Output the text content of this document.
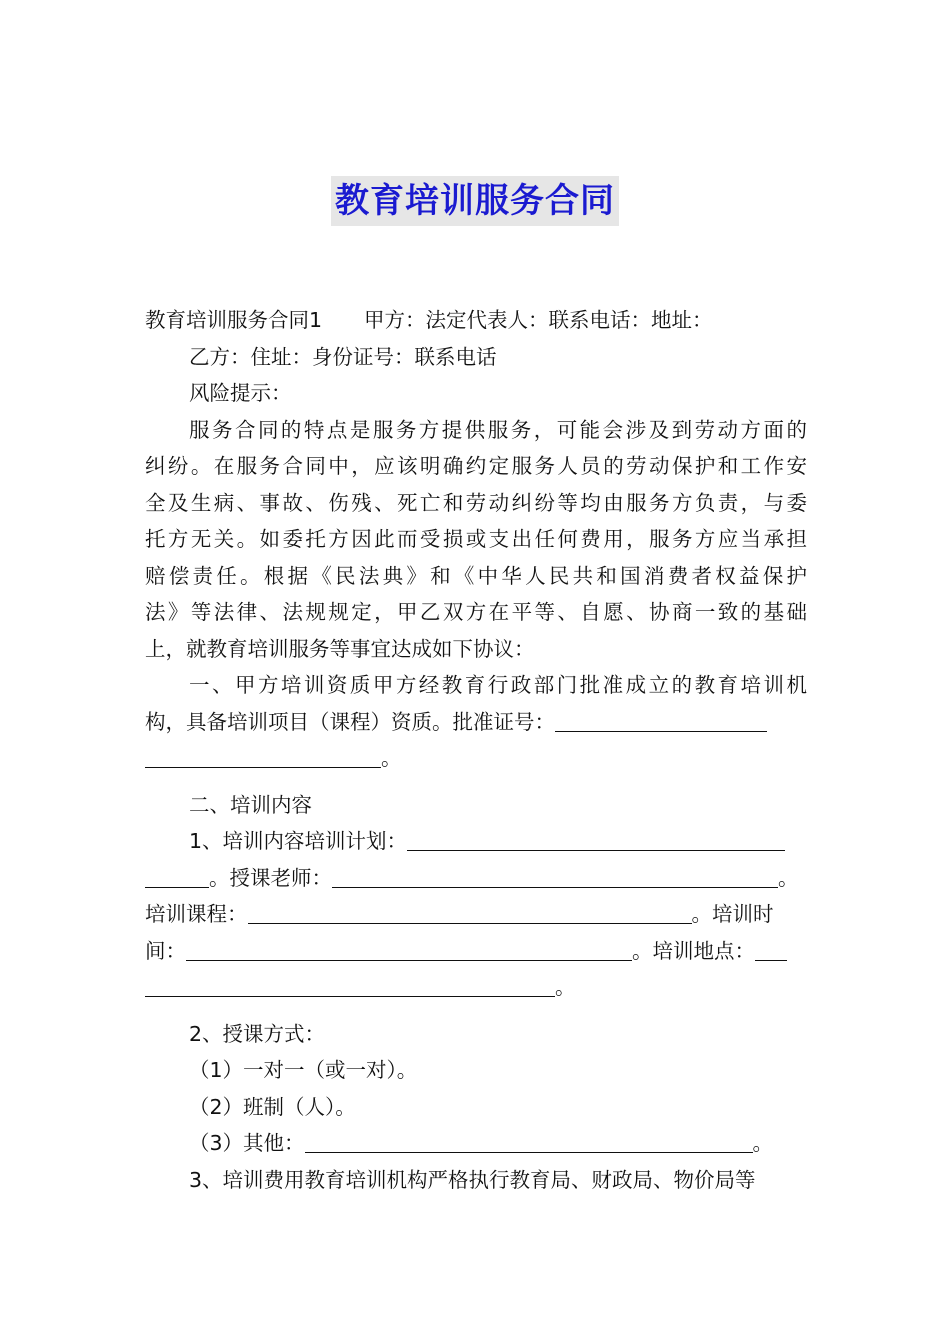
教育培训服务合同
教育培训服务合同1 甲方：法定代表人：联系电话：地址：
乙方：住址：身份证号：联系电话
风险提示：
服务合同的特点是服务方提供服务，可能会涉及到劳动方面的
纠纷。在服务合同中，应该明确约定服务人员的劳动保护和工作安
全及生病、事故、伤残、死亡和劳动纠纷等均由服务方负责，与委
托方无关。如委托方因此而受损或支出任何费用，服务方应当承担
赔偿责任。根据《民法典》和《中华人民共和国消费者权益保护
法》等法律、法规规定，甲乙双方在平等、自愿、协商一致的基础
上，就教育培训服务等事宜达成如下协议：
一、甲方培训资质甲方经教育行政部门批准成立的教育培训机
构，具备培训项目（课程）资质。批准证号：
。
二、培训内容
1、培训内容培训计划：
。授课老师：	。
培训课程：	。培训时
间：	。培训地点：
。
2、授课方式：
（1）一对一（或一对）。
（2）班制（人）。
（3）其他：	。
3、培训费用教育培训机构严格执行教育局、财政局、物价局等
